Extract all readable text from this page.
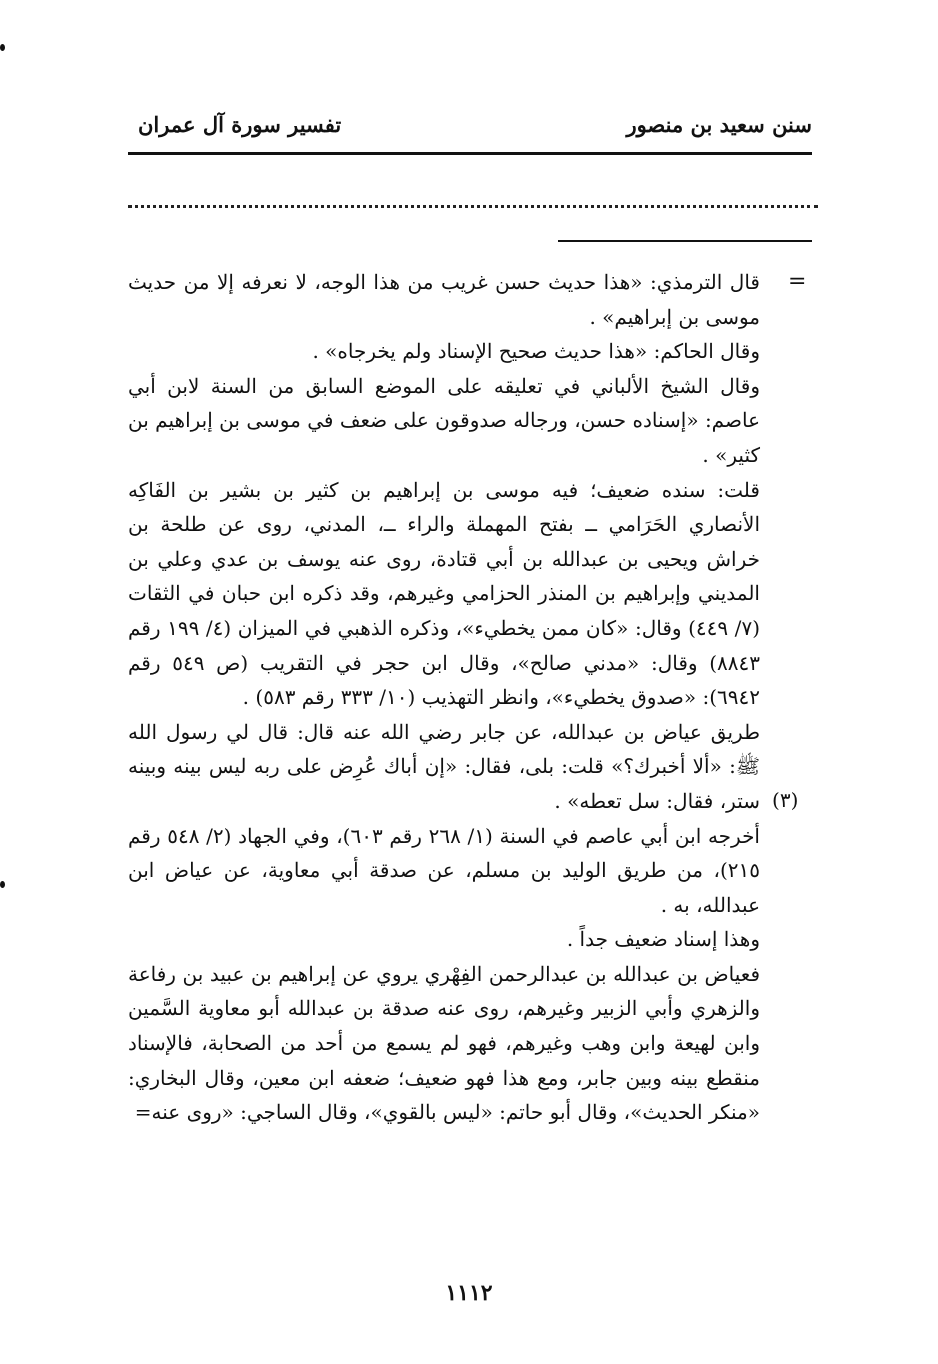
سنن سعيد بن منصور
تفسير سورة آل عمران
=
(٣)

قال الترمذي: «هذا حديث حسن غريب من هذا الوجه، لا نعرفه إلا من حديث موسى بن إبراهيم» .

وقال الحاكم: «هذا حديث صحيح الإسناد ولم يخرجاه» .

وقال الشيخ الألباني في تعليقه على الموضع السابق من السنة لابن أبي عاصم: «إسناده حسن، ورجاله صدوقون على ضعف في موسى بن إبراهيم بن كثير» .

قلت: سنده ضعيف؛ فيه موسى بن إبراهيم بن كثير بن بشير بن الفَاكِه الأنصاري الحَرَامي ــ بفتح المهملة والراء ــ، المدني، روى عن طلحة بن خراش ويحيى بن عبدالله بن أبي قتادة، روى عنه يوسف بن عدي وعلي بن المديني وإبراهيم بن المنذر الحزامي وغيرهم، وقد ذكره ابن حبان في الثقات (٧/ ٤٤٩) وقال: «كان ممن يخطيء»، وذكره الذهبي في الميزان (٤/ ١٩٩ رقم ٨٨٤٣) وقال: «مدني صالح»، وقال ابن حجر في التقريب (ص ٥٤٩ رقم ٦٩٤٢): «صدوق يخطيء»، وانظر التهذيب (١٠/ ٣٣٣ رقم ٥٨٣) .

طريق عياض بن عبدالله، عن جابر رضي الله عنه قال: قال لي رسول الله ﷺ: «ألا أخبرك؟» قلت: بلى، فقال: «إن أباك عُرِض على ربه ليس بينه وبينه ستر، فقال: سل تعطه» .

أخرجه ابن أبي عاصم في السنة (١/ ٢٦٨ رقم ٦٠٣)، وفي الجهاد (٢/ ٥٤٨ رقم ٢١٥)، من طريق الوليد بن مسلم، عن صدقة أبي معاوية، عن عياض ابن عبدالله، به .

وهذا إسناد ضعيف جداً .

فعياض بن عبدالله بن عبدالرحمن الفِهْري يروي عن إبراهيم بن عبيد بن رفاعة والزهري وأبي الزبير وغيرهم، روى عنه صدقة بن عبدالله أبو معاوية السَّمين وابن لهيعة وابن وهب وغيرهم، فهو لم يسمع من أحد من الصحابة، فالإسناد منقطع بينه وبين جابر، ومع هذا فهو ضعيف؛ ضعفه ابن معين، وقال البخاري: «منكر الحديث»، وقال أبو حاتم: «ليس بالقوي»، وقال الساجي: «روى عنه=

١١١٢
